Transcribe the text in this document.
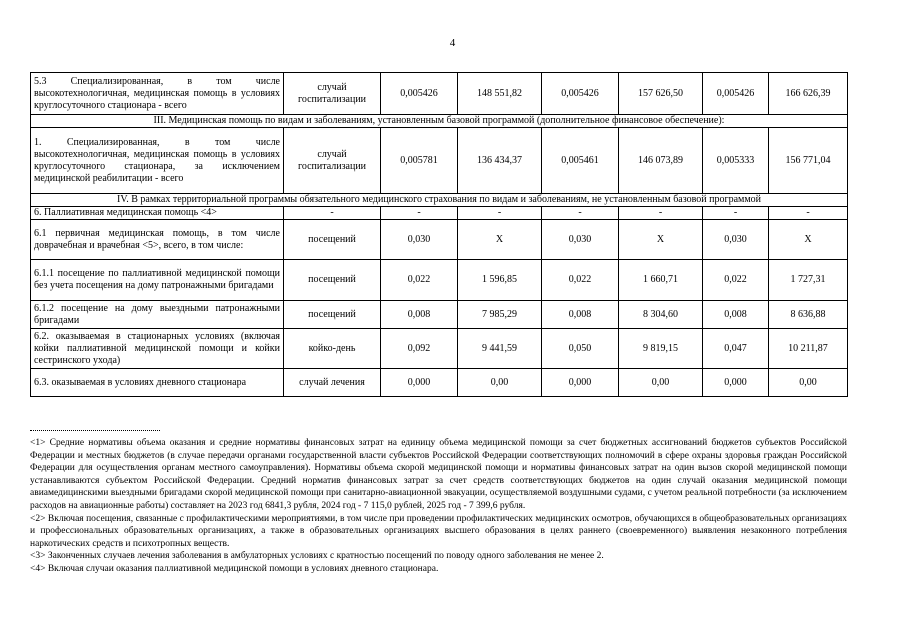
4
5.3 Специализированная, в том числе высокотехнологичная, медицинская помощь в условиях круглосуточного стационара - всего	случай госпитализации	0,005426	148 551,82	0,005426	157 626,50	0,005426	166 626,39
III. Медицинская помощь по видам и заболеваниям, установленным базовой программой (дополнительное финансовое обеспечение):							
1. Специализированная, в том числе высокотехнологичная, медицинская помощь в условиях круглосуточного стационара, за исключением медицинской реабилитации - всего	случай госпитализации	0,005781	136 434,37	0,005461	146 073,89	0,005333	156 771,04
IV. В рамках территориальной программы обязательного медицинского страхования по видам и заболеваниям, не установленным базовой программой							
6. Паллиативная медицинская помощь <4>	-	-	-	-	-	-	-
6.1 первичная медицинская помощь, в том числе доврачебная и врачебная <5>, всего, в том числе:	посещений	0,030	Х	0,030	Х	0,030	Х
6.1.1 посещение по паллиативной медицинской помощи без учета посещения на дому патронажными бригадами	посещений	0,022	1 596,85	0,022	1 660,71	0,022	1 727,31
6.1.2 посещение на дому выездными патронажными бригадами	посещений	0,008	7 985,29	0,008	8 304,60	0,008	8 636,88
6.2. оказываемая в стационарных условиях (включая койки паллиативной медицинской помощи и койки сестринского ухода)	койко-день	0,092	9 441,59	0,050	9 819,15	0,047	10 211,87
6.3. оказываемая в условиях дневного стационара	случай лечения	0,000	0,00	0,000	0,00	0,000	0,00

<1> Средние нормативы объема оказания и средние нормативы финансовых затрат на единицу объема медицинской помощи за счет бюджетных ассигнований бюджетов субъектов Российской Федерации и местных бюджетов (в случае передачи органами государственной власти субъектов Российской Федерации соответствующих полномочий в сфере охраны здоровья граждан Российской Федерации для осуществления органам местного самоуправления). Нормативы объема скорой медицинской помощи и нормативы финансовых затрат на один вызов скорой медицинской помощи устанавливаются субъектом Российской Федерации. Средний норматив финансовых затрат за счет средств соответствующих бюджетов на один случай оказания медицинской помощи авиамедицинскими выездными бригадами скорой медицинской помощи при санитарно-авиационной эвакуации, осуществляемой воздушными судами, с учетом реальной потребности (за исключением расходов на авиационные работы) составляет на 2023 год 6841,3 рубля, 2024 год - 7 115,0 рублей, 2025 год - 7 399,6 рубля.

<2> Включая посещения, связанные с профилактическими мероприятиями, в том числе при проведении профилактических медицинских осмотров, обучающихся в общеобразовательных организациях и профессиональных образовательных организациях, а также в образовательных организациях высшего образования в целях раннего (своевременного) выявления незаконного потребления наркотических средств и психотропных веществ.

<3> Законченных случаев лечения заболевания в амбулаторных условиях с кратностью посещений по поводу одного заболевания не менее 2.

<4> Включая случаи оказания паллиативной медицинской помощи в условиях дневного стационара.
